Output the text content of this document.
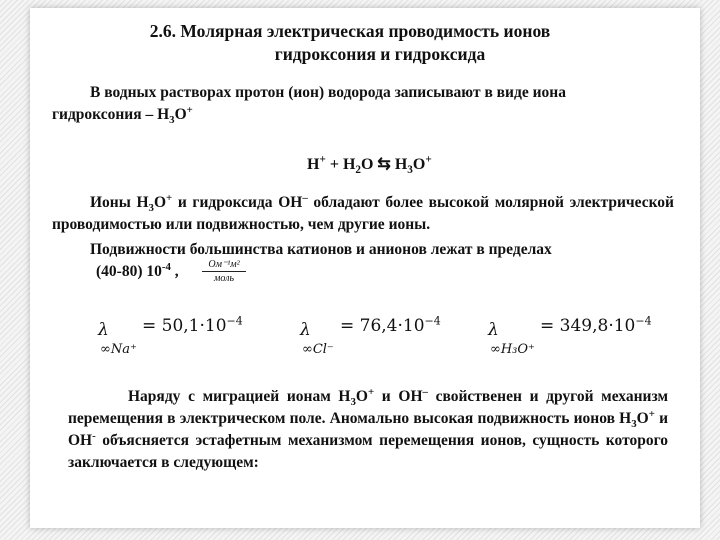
2.6. Молярная электрическая проводимость ионов
гидроксония и гидроксида
В водных растворах протон (ион) водорода записывают в виде иона
гидроксония – $H_3O^+$
$H^+ + H_2O$ ⇆ $H_3O^+$
Ионы $H_3O^+$ и гидроксида OH– обладают более высокой молярной электрической проводимостью или подвижностью, чем другие ионы.
Подвижности большинства катионов и анионов лежат в пределах
(40-80) $10^{-4}$ ,	Ом⁻¹м²
моль
λ
∞Na⁺
= $50,1\cdot 10^{-4}$	λ
∞Cl⁻
= $76,4\cdot 10^{-4}$	λ
∞H₃O⁺
= $349,8\cdot 10^{-4}$
Наряду с миграцией ионам $H_3O^+$ и OH– свойственен и другой механизм перемещения в электрическом поле. Аномально высокая подвижность ионов $H_3O^+$ и OH- объясняется эстафетным механизмом перемещения ионов, сущность которого заключается в следующем:
